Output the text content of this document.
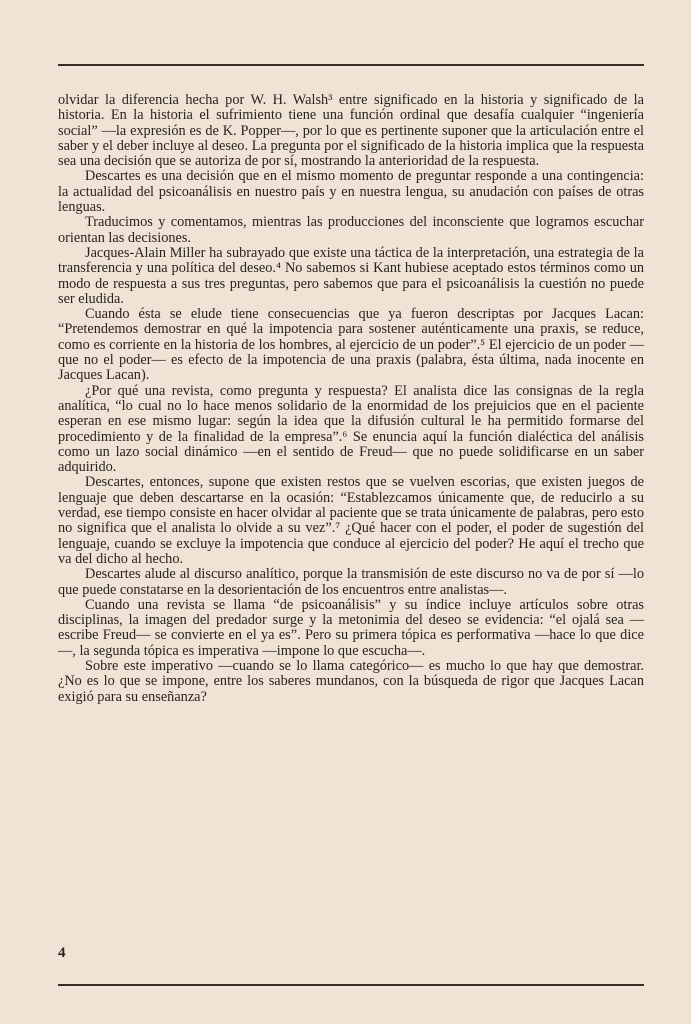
olvidar la diferencia hecha por W. H. Walsh³ entre significado en la historia y significado de la historia. En la historia el sufrimiento tiene una función ordinal que desafía cualquier “ingeniería social” —la expresión es de K. Popper—, por lo que es pertinente suponer que la articulación entre el saber y el deber incluye al deseo. La pregunta por el significado de la historia implica que la respuesta sea una decisión que se autoriza de por sí, mostrando la anterioridad de la respuesta.

Descartes es una decisión que en el mismo momento de preguntar responde a una contingencia: la actualidad del psicoanálisis en nuestro país y en nuestra lengua, su anudación con países de otras lenguas.

Traducimos y comentamos, mientras las producciones del inconsciente que logramos escuchar orientan las decisiones.

Jacques-Alain Miller ha subrayado que existe una táctica de la interpretación, una estrategia de la transferencia y una política del deseo.⁴ No sabemos si Kant hubiese aceptado estos términos como un modo de respuesta a sus tres preguntas, pero sabemos que para el psicoanálisis la cuestión no puede ser eludida.

Cuando ésta se elude tiene consecuencias que ya fueron descriptas por Jacques Lacan: “Pretendemos demostrar en qué la impotencia para sostener auténticamente una praxis, se reduce, como es corriente en la historia de los hombres, al ejercicio de un poder”.⁵ El ejercicio de un poder —que no el poder— es efecto de la impotencia de una praxis (palabra, ésta última, nada inocente en Jacques Lacan).

¿Por qué una revista, como pregunta y respuesta? El analista dice las consignas de la regla analítica, “lo cual no lo hace menos solidario de la enormidad de los prejuicios que en el paciente esperan en ese mismo lugar: según la idea que la difusión cultural le ha permitido formarse del procedimiento y de la finalidad de la empresa”.⁶ Se enuncia aquí la función dialéctica del análisis como un lazo social dinámico —en el sentido de Freud— que no puede solidificarse en un saber adquirido.

Descartes, entonces, supone que existen restos que se vuelven escorias, que existen juegos de lenguaje que deben descartarse en la ocasión: “Establezcamos únicamente que, de reducirlo a su verdad, ese tiempo consiste en hacer olvidar al paciente que se trata únicamente de palabras, pero esto no significa que el analista lo olvide a su vez”.⁷ ¿Qué hacer con el poder, el poder de sugestión del lenguaje, cuando se excluye la impotencia que conduce al ejercicio del poder? He aquí el trecho que va del dicho al hecho.

Descartes alude al discurso analítico, porque la transmisión de este discurso no va de por sí —lo que puede constatarse en la desorientación de los encuentros entre analistas—.

Cuando una revista se llama “de psicoanálisis” y su índice incluye artículos sobre otras disciplinas, la imagen del predador surge y la metonimia del deseo se evidencia: “el ojalá sea —escribe Freud— se convierte en el ya es”. Pero su primera tópica es performativa —hace lo que dice—, la segunda tópica es imperativa —impone lo que escucha—.

Sobre este imperativo —cuando se lo llama categórico— es mucho lo que hay que demostrar. ¿No es lo que se impone, entre los saberes mundanos, con la búsqueda de rigor que Jacques Lacan exigió para su enseñanza?

4
